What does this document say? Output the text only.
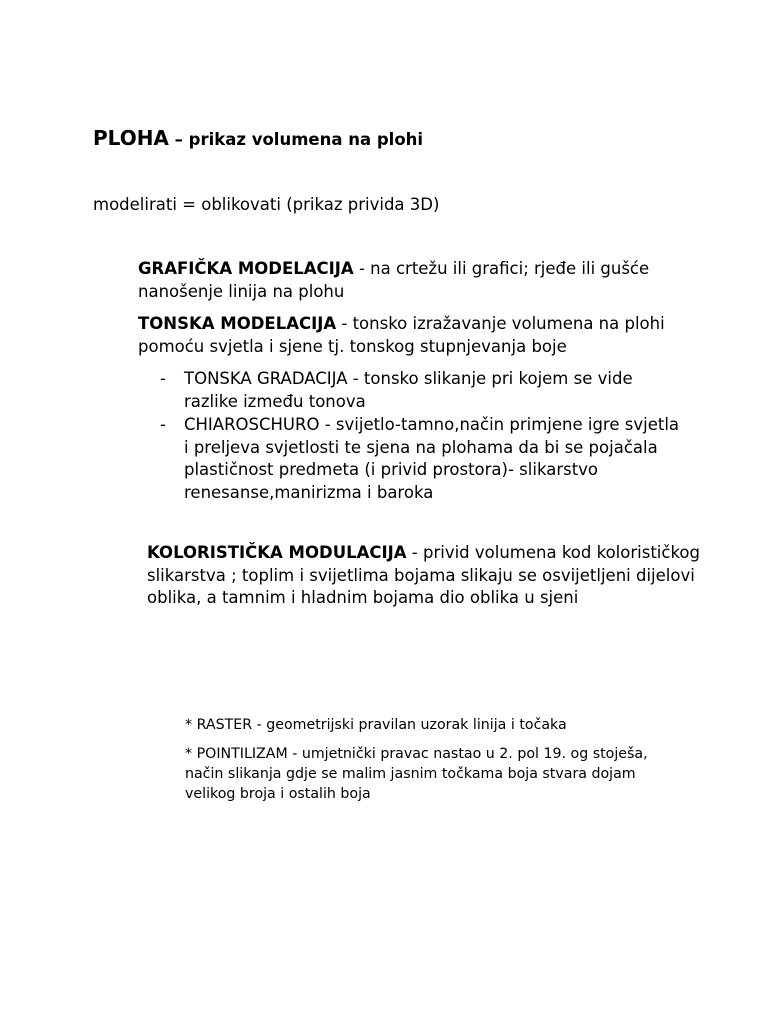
PLOHA – prikaz volumena na plohi
modelirati = oblikovati (prikaz privida 3D)
GRAFIČKA MODELACIJA - na crtežu ili grafici; rjeđe ili gušće nanošenje linija na plohu
TONSKA MODELACIJA - tonsko izražavanje volumena na plohi pomoću svjetla i sjene tj. tonskog stupnjevanja boje
- TONSKA GRADACIJA - tonsko slikanje pri kojem se vide razlike između tonova
- CHIAROSCHURO - svijetlo-tamno,način primjene igre svjetla i preljeva svjetlosti te sjena na plohama da bi se pojačala plastičnost predmeta (i privid prostora)- slikarstvo renesanse,manirizma i baroka
KOLORISTIČKA MODULACIJA - privid volumena kod kolorističkog slikarstva ; toplim i svijetlima bojama slikaju se osvijetljeni dijelovi oblika, a tamnim i hladnim bojama dio oblika u sjeni
* RASTER - geometrijski pravilan uzorak linija i točaka
* POINTILIZAM - umjetnički pravac nastao u 2. pol 19. og stoješa, način slikanja gdje se malim jasnim točkama boja stvara dojam velikog broja i ostalih boja
